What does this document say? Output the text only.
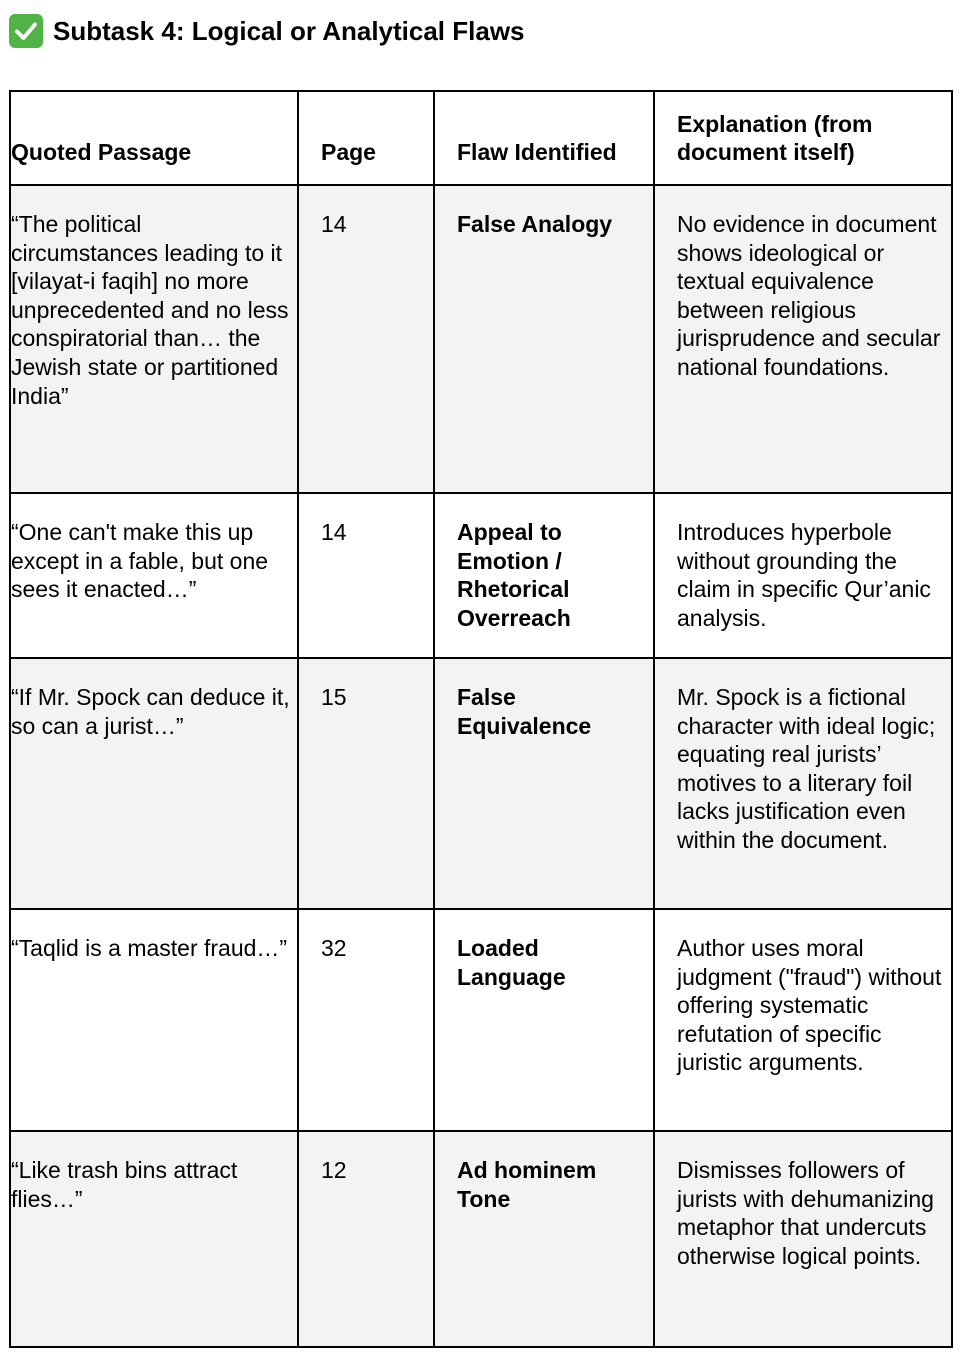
Subtask 4: Logical or Analytical Flaws
Quoted Passage	Page	Flaw Identified	Explanation (from document itself)
“The political circumstances leading to it [vilayat-i faqih] no more unprecedented and no less conspiratorial than… the Jewish state or partitioned India”	14	False Analogy	No evidence in document shows ideological or textual equivalence between religious jurisprudence and secular national foundations.
“One can't make this up except in a fable, but one sees it enacted…”	14	Appeal to Emotion / Rhetorical Overreach	Introduces hyperbole without grounding the claim in specific Qur’anic analysis.
“If Mr. Spock can deduce it, so can a jurist…”	15	False Equivalence	Mr. Spock is a fictional character with ideal logic; equating real jurists’ motives to a literary foil lacks justification even within the document.
“Taqlid is a master fraud…”	32	Loaded Language	Author uses moral judgment ("fraud") without offering systematic refutation of specific juristic arguments.
“Like trash bins attract flies…”	12	Ad hominem Tone	Dismisses followers of jurists with dehumanizing metaphor that undercuts otherwise logical points.
